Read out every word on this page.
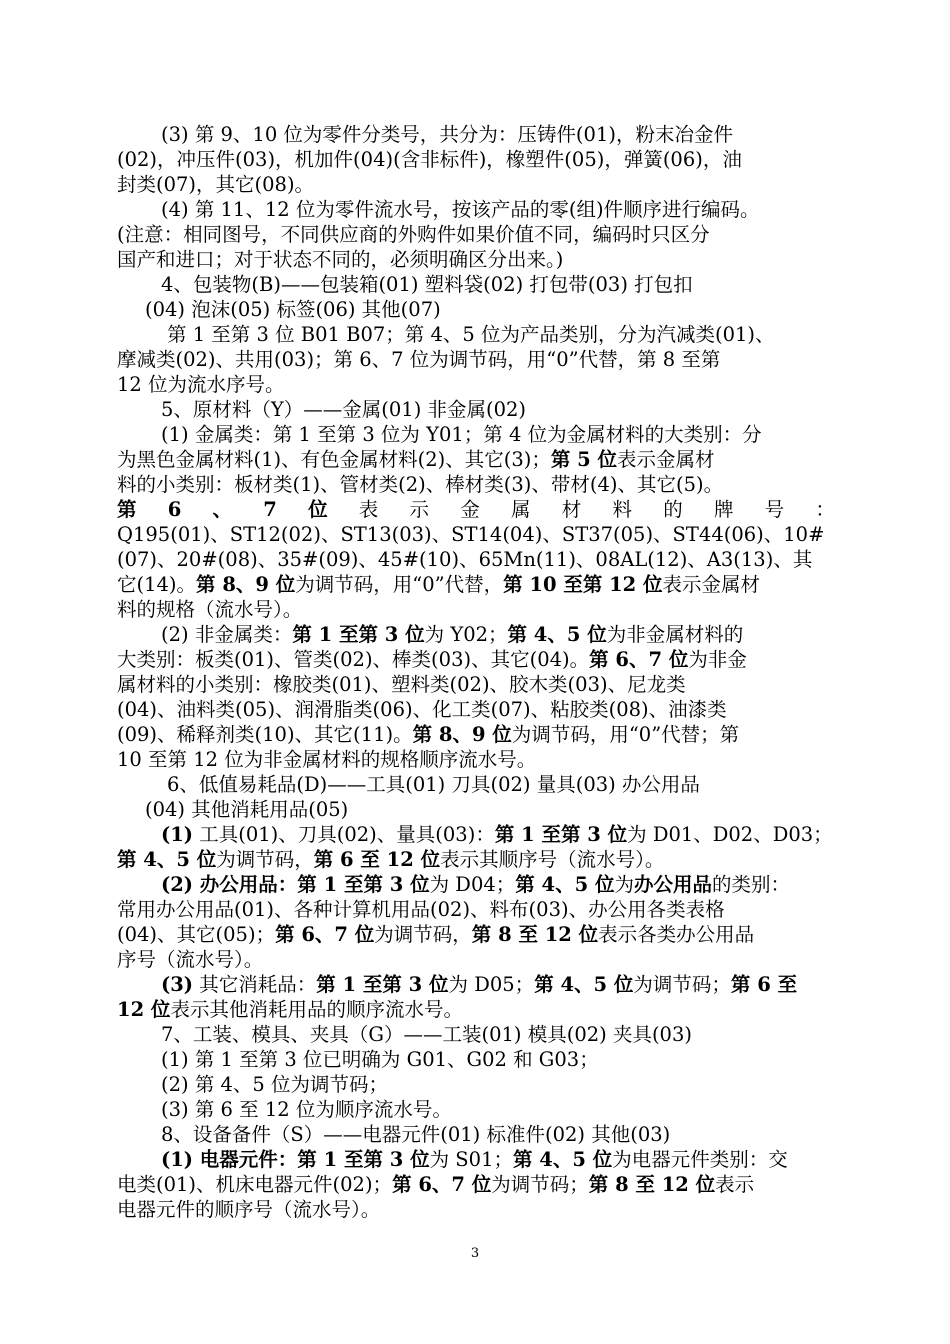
(3) 第 9、10 位为零件分类号，共分为：压铸件(01)，粉末冶金件
(02)，冲压件(03)，机加件(04)(含非标件)，橡塑件(05)，弹簧(06)，油
封类(07)，其它(08)。
(4) 第 11、12 位为零件流水号，按该产品的零(组)件顺序进行编码。
(注意：相同图号，不同供应商的外购件如果价值不同，编码时只区分
国产和进口；对于状态不同的，必须明确区分出来。)
4、包装物(B)——包装箱(01) 塑料袋(02) 打包带(03) 打包扣
(04) 泡沫(05) 标签(06) 其他(07)
第 1 至第 3 位 B01 B07；第 4、5 位为产品类别，分为汽减类(01)、
摩减类(02)、共用(03)；第 6、7 位为调节码，用“0”代替，第 8 至第
12 位为流水序号。
5、原材料（Y）——金属(01) 非金属(02)
(1) 金属类：第 1 至第 3 位为 Y01；第 4 位为金属材料的大类别：分
为黑色金属材料(1)、有色金属材料(2)、其它(3)；第 5 位表示金属材
料的小类别：板材类(1)、管材类(2)、棒材类(3)、带材(4)、其它(5)。
第 6 、 7 位 表 示 金 属 材 料 的 牌 号 ：
Q195(01)、ST12(02)、ST13(03)、ST14(04)、ST37(05)、ST44(06)、10#
(07)、20#(08)、35#(09)、45#(10)、65Mn(11)、08AL(12)、A3(13)、其
它(14)。第 8、9 位为调节码，用“0”代替，第 10 至第 12 位表示金属材
料的规格（流水号）。
(2) 非金属类：第 1 至第 3 位为 Y02；第 4、5 位为非金属材料的
大类别：板类(01)、管类(02)、棒类(03)、其它(04)。第 6、7 位为非金
属材料的小类别：橡胶类(01)、塑料类(02)、胶木类(03)、尼龙类
(04)、油料类(05)、润滑脂类(06)、化工类(07)、粘胶类(08)、油漆类
(09)、稀释剂类(10)、其它(11)。第 8、9 位为调节码，用“0”代替；第
10 至第 12 位为非金属材料的规格顺序流水号。
6、低值易耗品(D)——工具(01) 刀具(02) 量具(03) 办公用品
(04) 其他消耗用品(05)
(1) 工具(01)、刀具(02)、量具(03)：第 1 至第 3 位为 D01、D02、D03；
第 4、5 位为调节码，第 6 至 12 位表示其顺序号（流水号）。
(2) 办公用品：第 1 至第 3 位为 D04；第 4、5 位为办公用品的类别：
常用办公用品(01)、各种计算机用品(02)、料布(03)、办公用各类表格
(04)、其它(05)；第 6、7 位为调节码，第 8 至 12 位表示各类办公用品
序号（流水号）。
(3) 其它消耗品：第 1 至第 3 位为 D05；第 4、5 位为调节码；第 6 至
12 位表示其他消耗用品的顺序流水号。
7、工装、模具、夹具（G）——工装(01) 模具(02) 夹具(03)
(1) 第 1 至第 3 位已明确为 G01、G02 和 G03；
(2) 第 4、5 位为调节码；
(3) 第 6 至 12 位为顺序流水号。
8、设备备件（S）——电器元件(01) 标准件(02) 其他(03)
(1) 电器元件：第 1 至第 3 位为 S01；第 4、5 位为电器元件类别：交
电类(01)、机床电器元件(02)；第 6、7 位为调节码；第 8 至 12 位表示
电器元件的顺序号（流水号）。
3
